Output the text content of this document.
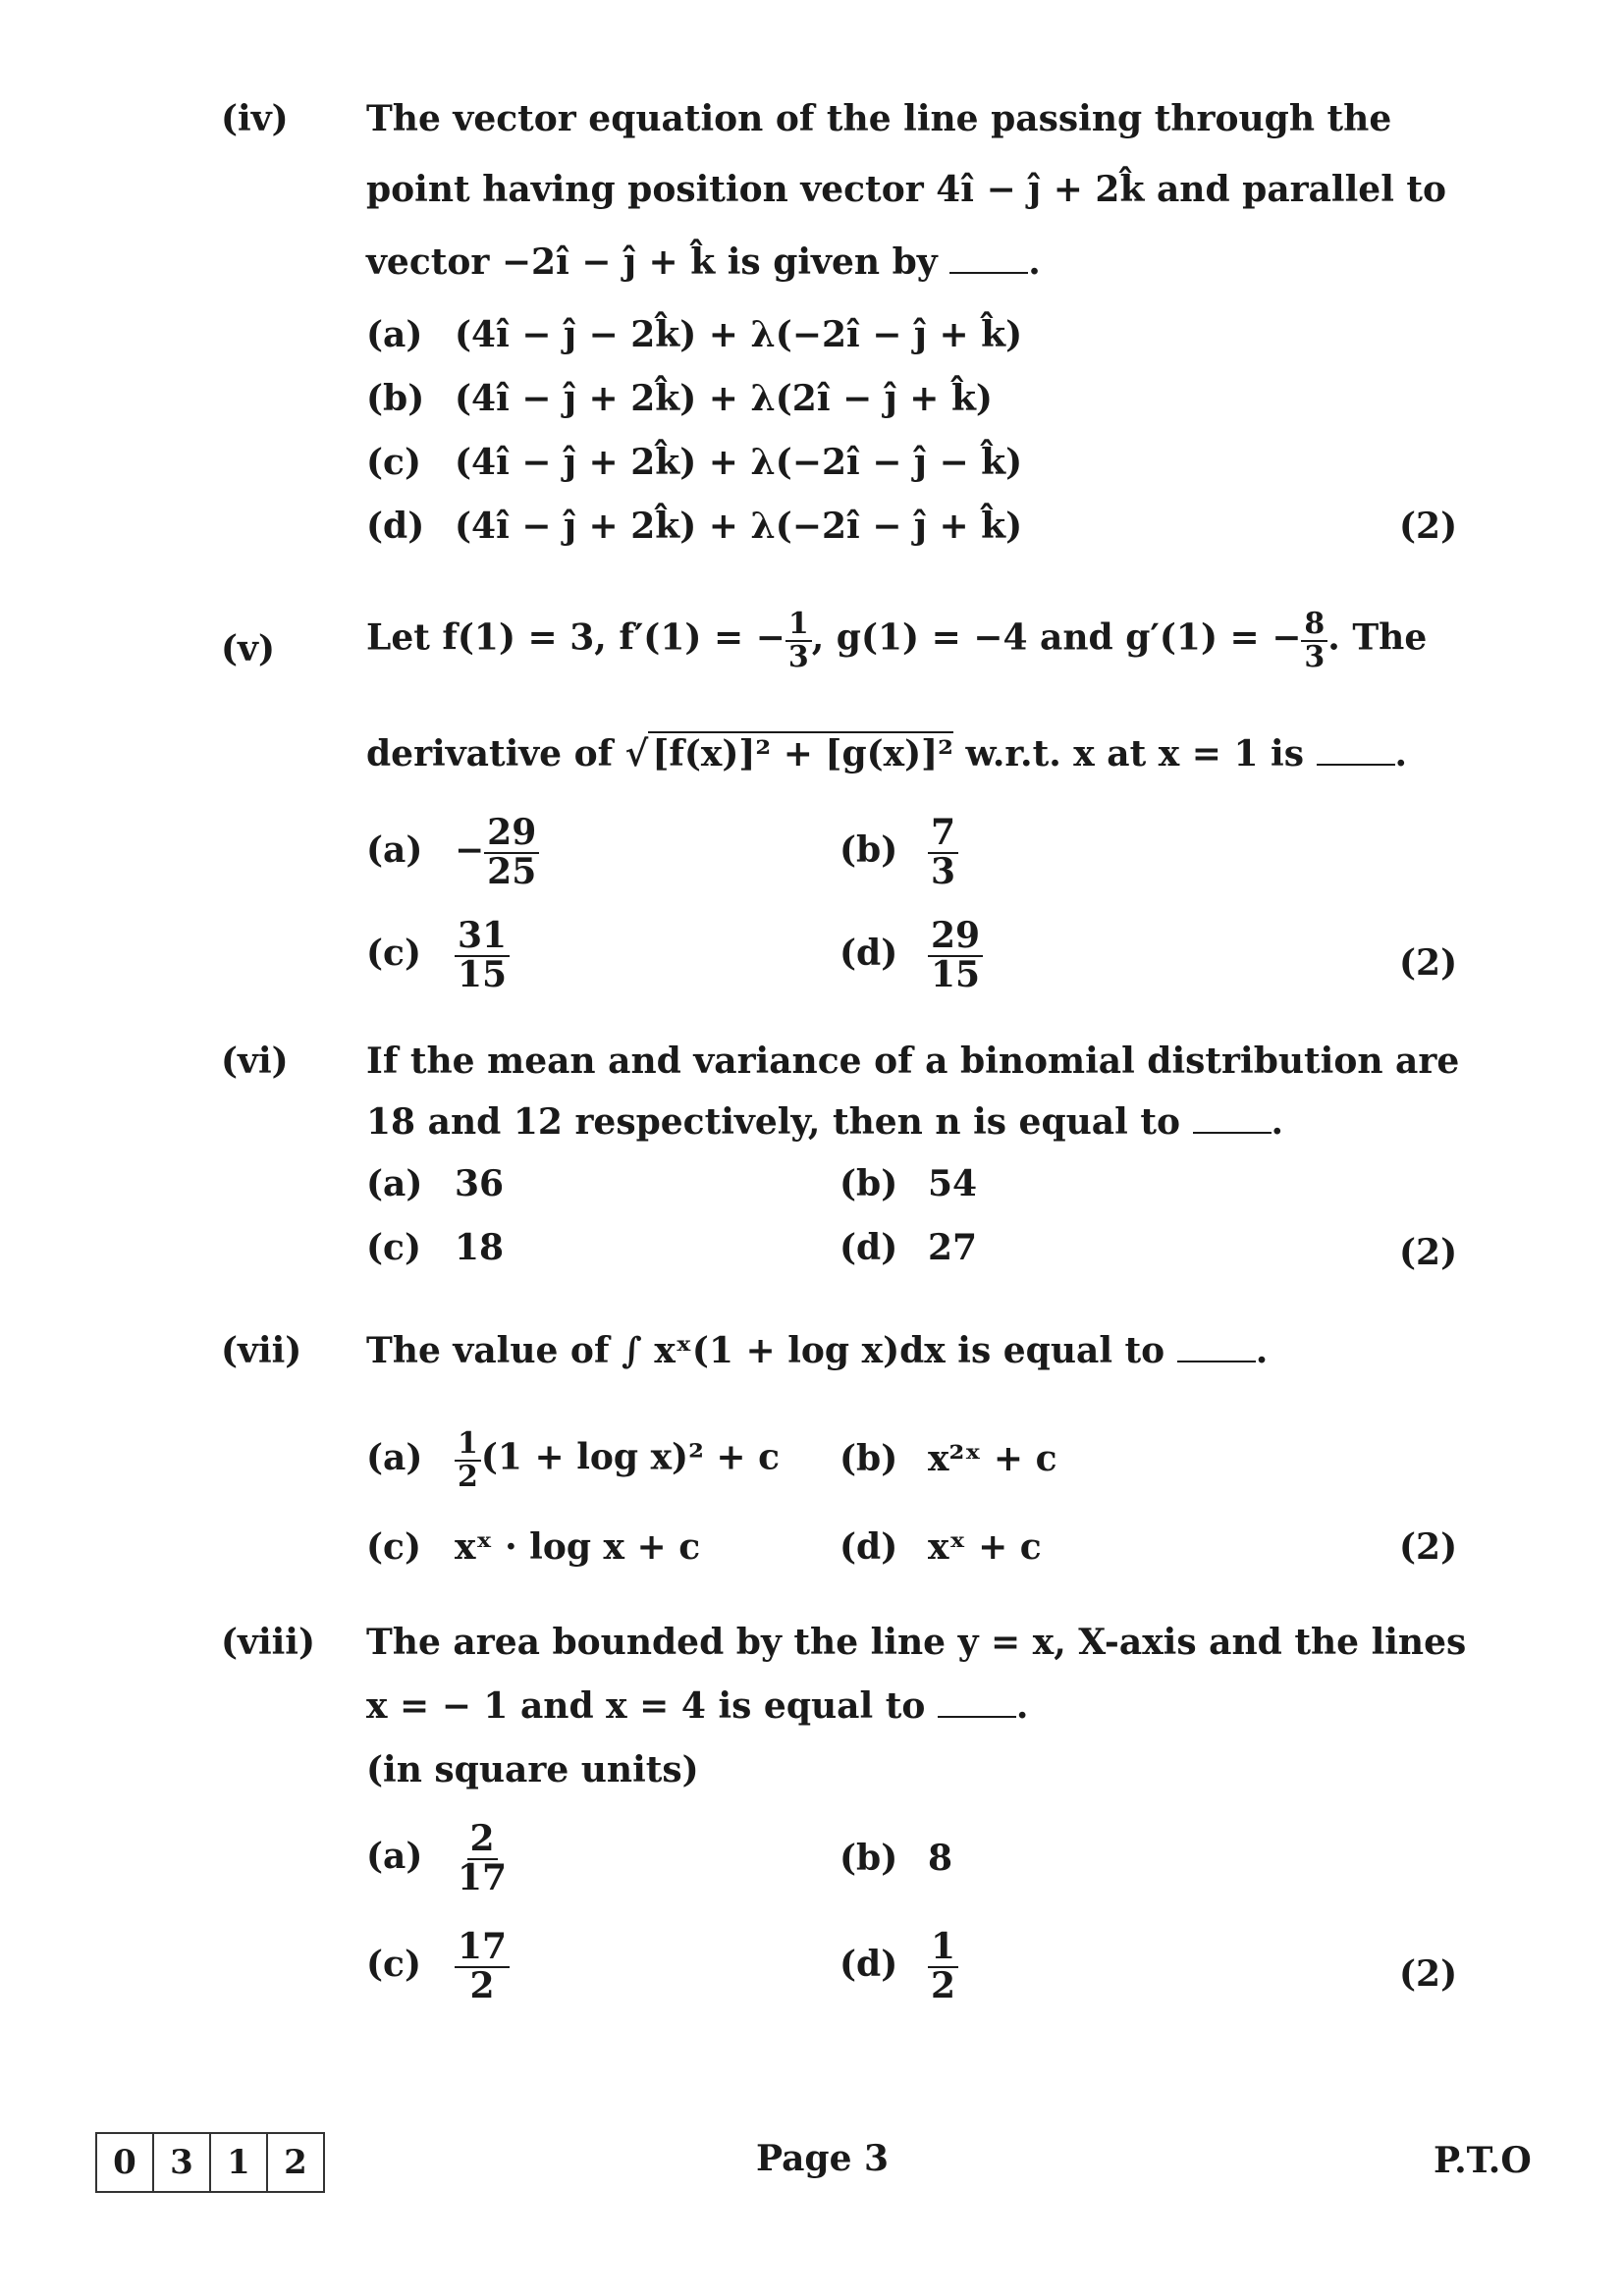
(iv) The vector equation of the line passing through the
point having position vector 4î − ĵ + 2k̂ and parallel to
vector −2î − ĵ + k̂ is given by	.
(a) (4î − ĵ − 2k̂) + λ(−2î − ĵ + k̂)
(b) (4î − ĵ + 2k̂) + λ(2î − ĵ + k̂)
(c) (4î − ĵ + 2k̂) + λ(−2î − ĵ − k̂)
(d) (4î − ĵ + 2k̂) + λ(−2î − ĵ + k̂)	(2)
(v)	Let f(1) = 3, f′(1) = − $\frac{1}{3}$ , g(1) = −4 and g′(1) = − $\frac{8}{3}$ . The
derivative of √ [f(x)]² + [g(x)]² w.r.t. x at x = 1 is	.
$(a) - \frac{29}{25}$	$(b) \frac{7}{3}$
$(c) \frac{31}{15}$	$(d) \frac{29}{15}$	(2)
(vi) If the mean and variance of a binomial distribution are
18 and 12 respectively, then n is equal to	.
(a) 36	(b) 54
(c) 18	(d) 27	(2)
(vii) The value of ∫ xˣ(1 + log x)dx is equal to	.
$(a) \frac{1}{2} (1 + \log x)^2 + c$ (b) x²ˣ + c
(c) xˣ · log x + c	(d) xˣ + c	(2)
(viii) The area bounded by the line y = x, X-axis and the lines
x = − 1 and x = 4 is equal to	.
(in square units)
$(a) \frac{2}{17}$	(b) 8
$(c) \frac{17}{2}$	$(d) \frac{1}{2}$	(2)
0	3	1	2	Page 3	P.T.O
